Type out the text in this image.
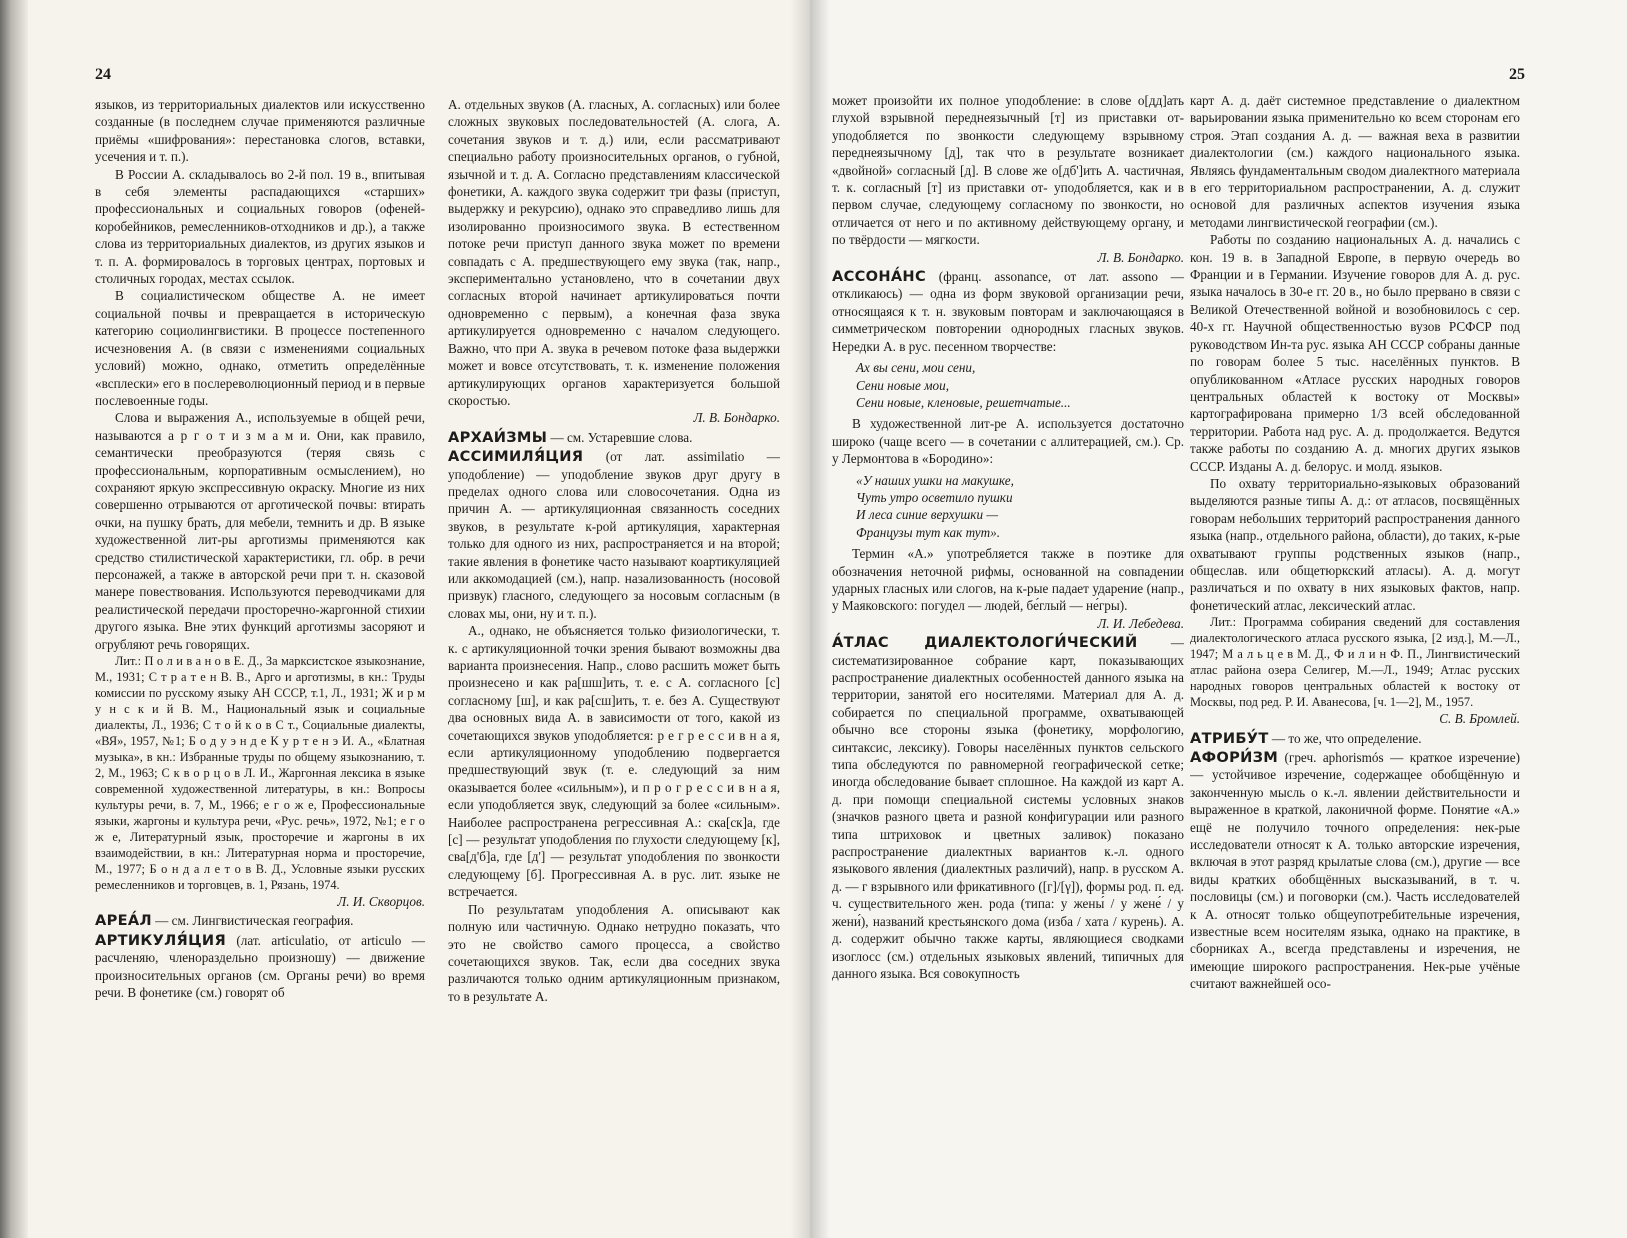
24

языков, из территориальных диалектов или искусственно созданные (в последнем случае применяются различные приёмы «шифрования»: перестановка слогов, вставки, усечения и т. п.).

В России А. складывалось во 2-й пол. 19 в., впитывая в себя элементы распадающихся «старших» профессиональных и социальных говоров (офеней-коробейников, ремесленников-отходников и др.), а также слова из территориальных диалектов, из других языков и т. п. А. формировалось в торговых центрах, портовых и столичных городах, местах ссылок.

В социалистическом обществе А. не имеет социальной почвы и превращается в историческую категорию социолингвистики. В процессе постепенного исчезновения А. (в связи с изменениями социальных условий) можно, однако, отметить определённые «всплески» его в послереволюционный период и в первые послевоенные годы.

Слова и выражения А., используемые в общей речи, называются а р г о т и з м а м и. Они, как правило, семантически преобразуются (теряя связь с профессиональным, корпоративным осмыслением), но сохраняют яркую экспрессивную окраску. Многие из них совершенно отрываются от арготической почвы: втирать очки, на пушку брать, для мебели, темнить и др. В языке художественной лит-ры арготизмы применяются как средство стилистической характеристики, гл. обр. в речи персонажей, а также в авторской речи при т. н. сказовой манере повествования. Используются переводчиками для реалистической передачи просторечно-жаргонной стихии другого языка. Вне этих функций арготизмы засоряют и огрубляют речь говорящих.

Лит.: П о л и в а н о в Е. Д., За марксистское языкознание, М., 1931; С т р а т е н В. В., Арго и арготизмы, в кн.: Труды комиссии по русскому языку АН СССР, т.1, Л., 1931; Ж и р м у н с к и й В. М., Национальный язык и социальные диалекты, Л., 1936; С т о й к о в С т., Социальные диалекты, «ВЯ», 1957, №1; Б о д у э н д е К у р т е н э И. А., «Блатная музыка», в кн.: Избранные труды по общему языкознанию, т. 2, М., 1963; С к в о р ц о в Л. И., Жаргонная лексика в языке современной художественной литературы, в кн.: Вопросы культуры речи, в. 7, М., 1966; е г о ж е, Профессиональные языки, жаргоны и культура речи, «Рус. речь», 1972, №1; е г о ж е, Литературный язык, просторечие и жаргоны в их взаимодействии, в кн.: Литературная норма и просторечие, М., 1977; Б о н д а л е т о в В. Д., Условные языки русских ремесленников и торговцев, в. 1, Рязань, 1974.

Л. И. Скворцов.

АРЕА́Л — см. Лингвистическая география.

АРТИКУЛЯ́ЦИЯ (лат. articulatio, от articulo — расчленяю, членораздельно произношу) — движение произносительных органов (см. Органы речи) во время речи. В фонетике (см.) говорят об

А. отдельных звуков (А. гласных, А. согласных) или более сложных звуковых последовательностей (А. слога, А. сочетания звуков и т. д.) или, если рассматривают специально работу произносительных органов, о губной, язычной и т. д. А. Согласно представлениям классической фонетики, А. каждого звука содержит три фазы (приступ, выдержку и рекурсию), однако это справедливо лишь для изолированно произносимого звука. В естественном потоке речи приступ данного звука может по времени совпадать с А. предшествующего ему звука (так, напр., экспериментально установлено, что в сочетании двух согласных второй начинает артикулироваться почти одновременно с первым), а конечная фаза звука артикулируется одновременно с началом следующего. Важно, что при А. звука в речевом потоке фаза выдержки может и вовсе отсутствовать, т. к. изменение положения артикулирующих органов характеризуется большой скоростью.

Л. В. Бондарко.

АРХАИ́ЗМЫ — см. Устаревшие слова.

АССИМИЛЯ́ЦИЯ (от лат. assimilatio — уподобление) — уподобление звуков друг другу в пределах одного слова или словосочетания. Одна из причин А. — артикуляционная связанность соседних звуков, в результате к-рой артикуляция, характерная только для одного из них, распространяется и на второй; такие явления в фонетике часто называют коартикуляцией или аккомодацией (см.), напр. назализованность (носовой призвук) гласного, следующего за носовым согласным (в словах мы, они, ну и т. п.).

А., однако, не объясняется только физиологически, т. к. с артикуляционной точки зрения бывают возможны два варианта произнесения. Напр., слово расшить может быть произнесено и как ра[шш]ить, т. е. с А. согласного [с] согласному [ш], и как ра[сш]ить, т. е. без А. Существуют два основных вида А. в зависимости от того, какой из сочетающихся звуков уподобляется: р е г р е с с и в н а я, если артикуляционному уподоблению подвергается предшествующий звук (т. е. следующий за ним оказывается более «сильным»), и п р о г р е с с и в н а я, если уподобляется звук, следующий за более «сильным». Наиболее распространена регрессивная А.: ска[ск]а, где [с] — результат уподобления по глухости следующему [к], сва[д'б]а, где [д'] — результат уподобления по звонкости следующему [б]. Прогрессивная А. в рус. лит. языке не встречается.

По результатам уподобления А. описывают как полную или частичную. Однако нетрудно показать, что это не свойство самого процесса, а свойство сочетающихся звуков. Так, если два соседних звука различаются только одним артикуляционным признаком, то в результате А.

25

может произойти их полное уподобление: в слове о[дд]ать глухой взрывной переднеязычный [т] из приставки от- уподобляется по звонкости следующему взрывному переднеязычному [д], так что в результате возникает «двойной» согласный [д]. В слове же о[дб']ить А. частичная, т. к. согласный [т] из приставки от- уподобляется, как и в первом случае, следующему согласному по звонкости, но отличается от него и по активному действующему органу, и по твёрдости — мягкости.

Л. В. Бондарко.

АССОНА́НС (франц. assonance, от лат. assono — откликаюсь) — одна из форм звуковой организации речи, относящаяся к т. н. звуковым повторам и заключающаяся в симметрическом повторении однородных гласных звуков. Нередки А. в рус. песенном творчестве:

Ах вы сени, мои сени,
Сени новые мои,
Сени новые, кленовые, решетчатые...

В художественной лит-ре А. используется достаточно широко (чаще всего — в сочетании с аллитерацией, см.). Ср. у Лермонтова в «Бородино»:

«У наших ушки на макушке,
Чуть утро осветило пушки
И леса синие верхушки —
Французы тут как тут».

Термин «А.» употребляется также в поэтике для обозначения неточной рифмы, основанной на совпадении ударных гласных или слогов, на к-рые падает ударение (напр., у Маяковского: погудел — людей, бе́глый — не́гры).

Л. И. Лебедева.

А́ТЛАС ДИАЛЕКТОЛОГИ́ЧЕСКИЙ — систематизированное собрание карт, показывающих распространение диалектных особенностей данного языка на территории, занятой его носителями. Материал для А. д. собирается по специальной программе, охватывающей обычно все стороны языка (фонетику, морфологию, синтаксис, лексику). Говоры населённых пунктов сельского типа обследуются по равномерной географической сетке; иногда обследование бывает сплошное. На каждой из карт А. д. при помощи специальной системы условных знаков (значков разного цвета и разной конфигурации или разного типа штриховок и цветных заливок) показано распространение диалектных вариантов к.-л. одного языкового явления (диалектных различий), напр. в русском А. д. — г взрывного или фрикативного ([г]/[γ]), формы род. п. ед. ч. существительного жен. рода (типа: у жены́ / у жене́ / у жени́), названий крестьянского дома (изба / хата / курень). А. д. содержит обычно также карты, являющиеся сводками изоглосс (см.) отдельных языковых явлений, типичных для данного языка. Вся совокупность

карт А. д. даёт системное представление о диалектном варьировании языка применительно ко всем сторонам его строя. Этап создания А. д. — важная веха в развитии диалектологии (см.) каждого национального языка. Являясь фундаментальным сводом диалектного материала в его территориальном распространении, А. д. служит основой для различных аспектов изучения языка методами лингвистической географии (см.).

Работы по созданию национальных А. д. начались с кон. 19 в. в Западной Европе, в первую очередь во Франции и в Германии. Изучение говоров для А. д. рус. языка началось в 30-е гг. 20 в., но было прервано в связи с Великой Отечественной войной и возобновилось с сер. 40-х гг. Научной общественностью вузов РСФСР под руководством Ин-та рус. языка АН СССР собраны данные по говорам более 5 тыс. населённых пунктов. В опубликованном «Атласе русских народных говоров центральных областей к востоку от Москвы» картографирована примерно 1/3 всей обследованной территории. Работа над рус. А. д. продолжается. Ведутся также работы по созданию А. д. многих других языков СССР. Изданы А. д. белорус. и молд. языков.

По охвату территориально-языковых образований выделяются разные типы А. д.: от атласов, посвящённых говорам небольших территорий распространения данного языка (напр., отдельного района, области), до таких, к-рые охватывают группы родственных языков (напр., общеслав. или общетюркский атласы). А. д. могут различаться и по охвату в них языковых фактов, напр. фонетический атлас, лексический атлас.

Лит.: Программа собирания сведений для составления диалектологического атласа русского языка, [2 изд.], М.—Л., 1947; М а л ь ц е в М. Д., Ф и л и н Ф. П., Лингвистический атлас района озера Селигер, М.—Л., 1949; Атлас русских народных говоров центральных областей к востоку от Москвы, под ред. Р. И. Аванесова, [ч. 1—2], М., 1957.

С. В. Бромлей.

АТРИБУ́Т — то же, что определение.

АФОРИ́ЗМ (греч. aphorismós — краткое изречение) — устойчивое изречение, содержащее обобщённую и законченную мысль о к.-л. явлении действительности и выраженное в краткой, лаконичной форме. Понятие «А.» ещё не получило точного определения: нек-рые исследователи относят к А. только авторские изречения, включая в этот разряд крылатые слова (см.), другие — все виды кратких обобщённых высказываний, в т. ч. пословицы (см.) и поговорки (см.). Часть исследователей к А. относят только общеупотребительные изречения, известные всем носителям языка, однако на практике, в сборниках А., всегда представлены и изречения, не имеющие широкого распространения. Нек-рые учёные считают важнейшей осо-
